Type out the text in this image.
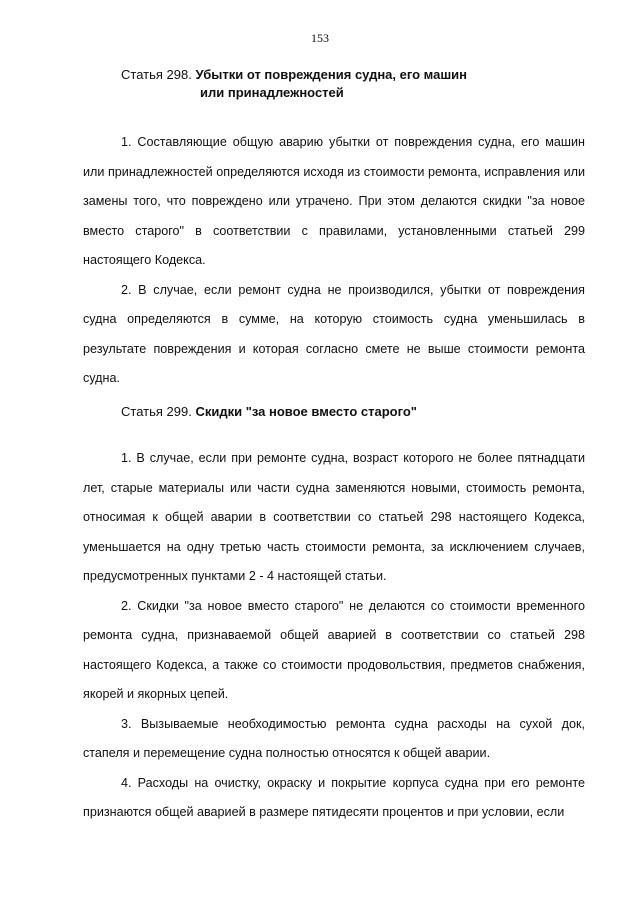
153
Статья 298. Убытки от повреждения судна, его машин
или принадлежностей

1. Составляющие общую аварию убытки от повреждения судна, его машин или принадлежностей определяются исходя из стоимости ремонта, исправления или замены того, что повреждено или утрачено. При этом делаются скидки "за новое вместо старого" в соответствии с правилами, установленными статьей 299 настоящего Кодекса.

2. В случае, если ремонт судна не производился, убытки от повреждения судна определяются в сумме, на которую стоимость судна уменьшилась в результате повреждения и которая согласно смете не выше стоимости ремонта судна.

Статья 299. Скидки "за новое вместо старого"

1. В случае, если при ремонте судна, возраст которого не более пятнадцати лет, старые материалы или части судна заменяются новыми, стоимость ремонта, относимая к общей аварии в соответствии со статьей 298 настоящего Кодекса, уменьшается на одну третью часть стоимости ремонта, за исключением случаев, предусмотренных пунктами 2 - 4 настоящей статьи.

2. Скидки "за новое вместо старого" не делаются со стоимости временного ремонта судна, признаваемой общей аварией в соответствии со статьей 298 настоящего Кодекса, а также со стоимости продовольствия, предметов снабжения, якорей и якорных цепей.

3. Вызываемые необходимостью ремонта судна расходы на сухой док, стапеля и перемещение судна полностью относятся к общей аварии.

4. Расходы на очистку, окраску и покрытие корпуса судна при его ремонте признаются общей аварией в размере пятидесяти процентов и при условии, если
